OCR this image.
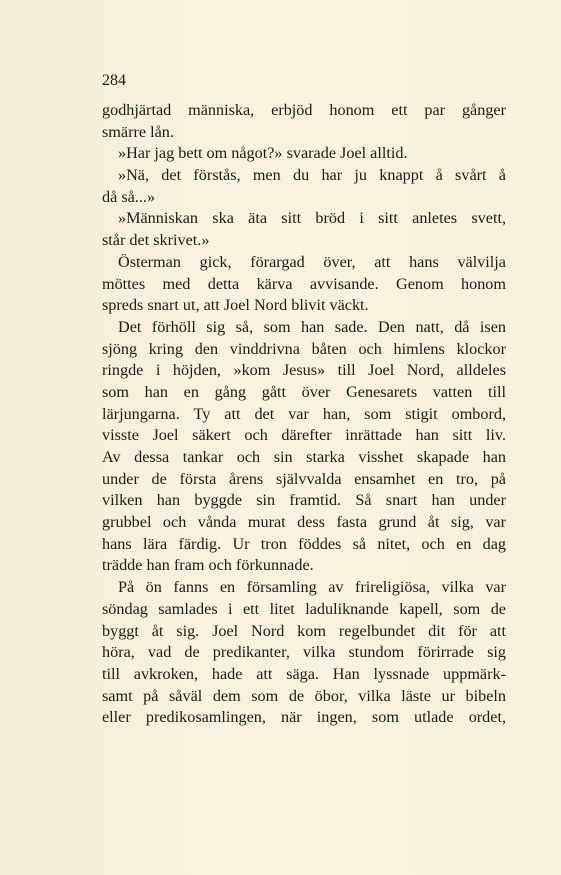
284
godhjärtad människa, erbjöd honom ett par gånger
smärre lån.
»Har jag bett om något?» svarade Joel alltid.
»Nä, det förstås, men du har ju knappt å svårt å
då så...»
»Människan ska äta sitt bröd i sitt anletes svett,
står det skrivet.»
Österman gick, förargad över, att hans välvilja
möttes med detta kärva avvisande. Genom honom
spreds snart ut, att Joel Nord blivit väckt.
Det förhöll sig så, som han sade. Den natt, då isen
sjöng kring den vinddrivna båten och himlens klockor
ringde i höjden, »kom Jesus» till Joel Nord, alldeles
som han en gång gått över Genesarets vatten till
lärjungarna. Ty att det var han, som stigit ombord,
visste Joel säkert och därefter inrättade han sitt liv.
Av dessa tankar och sin starka visshet skapade han
under de första årens självvalda ensamhet en tro, på
vilken han byggde sin framtid. Så snart han under
grubbel och vånda murat dess fasta grund åt sig, var
hans lära färdig. Ur tron föddes så nitet, och en dag
trädde han fram och förkunnade.
På ön fanns en församling av frireligiösa, vilka var
söndag samlades i ett litet laduliknande kapell, som de
byggt åt sig. Joel Nord kom regelbundet dit för att
höra, vad de predikanter, vilka stundom förirrade sig
till avkroken, hade att säga. Han lyssnade uppmärk-
samt på såväl dem som de öbor, vilka läste ur bibeln
eller predikosamlingen, när ingen, som utlade ordet,
